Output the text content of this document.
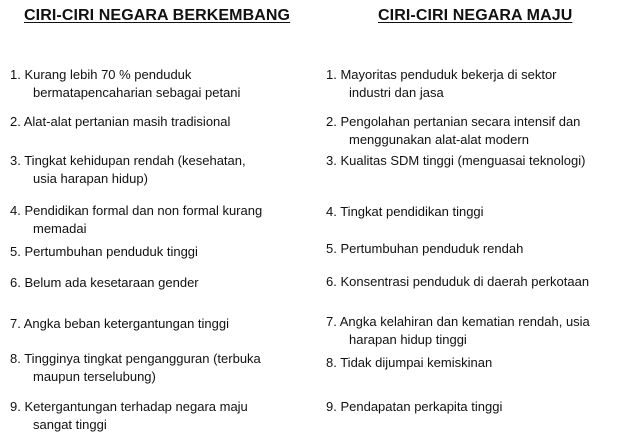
CIRI-CIRI NEGARA BERKEMBANG	CIRI-CIRI NEGARA MAJU
1. Kurang lebih 70 % penduduk
bermatapencaharian sebagai petani
2. Alat-alat pertanian masih tradisional
3. Tingkat kehidupan rendah (kesehatan,
usia harapan hidup)
4. Pendidikan formal dan non formal kurang
memadai
5. Pertumbuhan penduduk tinggi
6. Belum ada kesetaraan gender
7. Angka beban ketergantungan tinggi
8. Tingginya tingkat pengangguran (terbuka
maupun terselubung)
9. Ketergantungan terhadap negara maju
sangat tinggi
1. Mayoritas penduduk bekerja di sektor
industri dan jasa
2. Pengolahan pertanian secara intensif dan
menggunakan alat-alat modern
3. Kualitas SDM tinggi (menguasai teknologi)
4. Tingkat pendidikan tinggi
5. Pertumbuhan penduduk rendah
6. Konsentrasi penduduk di daerah perkotaan
7. Angka kelahiran dan kematian rendah, usia
harapan hidup tinggi
8. Tidak dijumpai kemiskinan
9. Pendapatan perkapita tinggi
